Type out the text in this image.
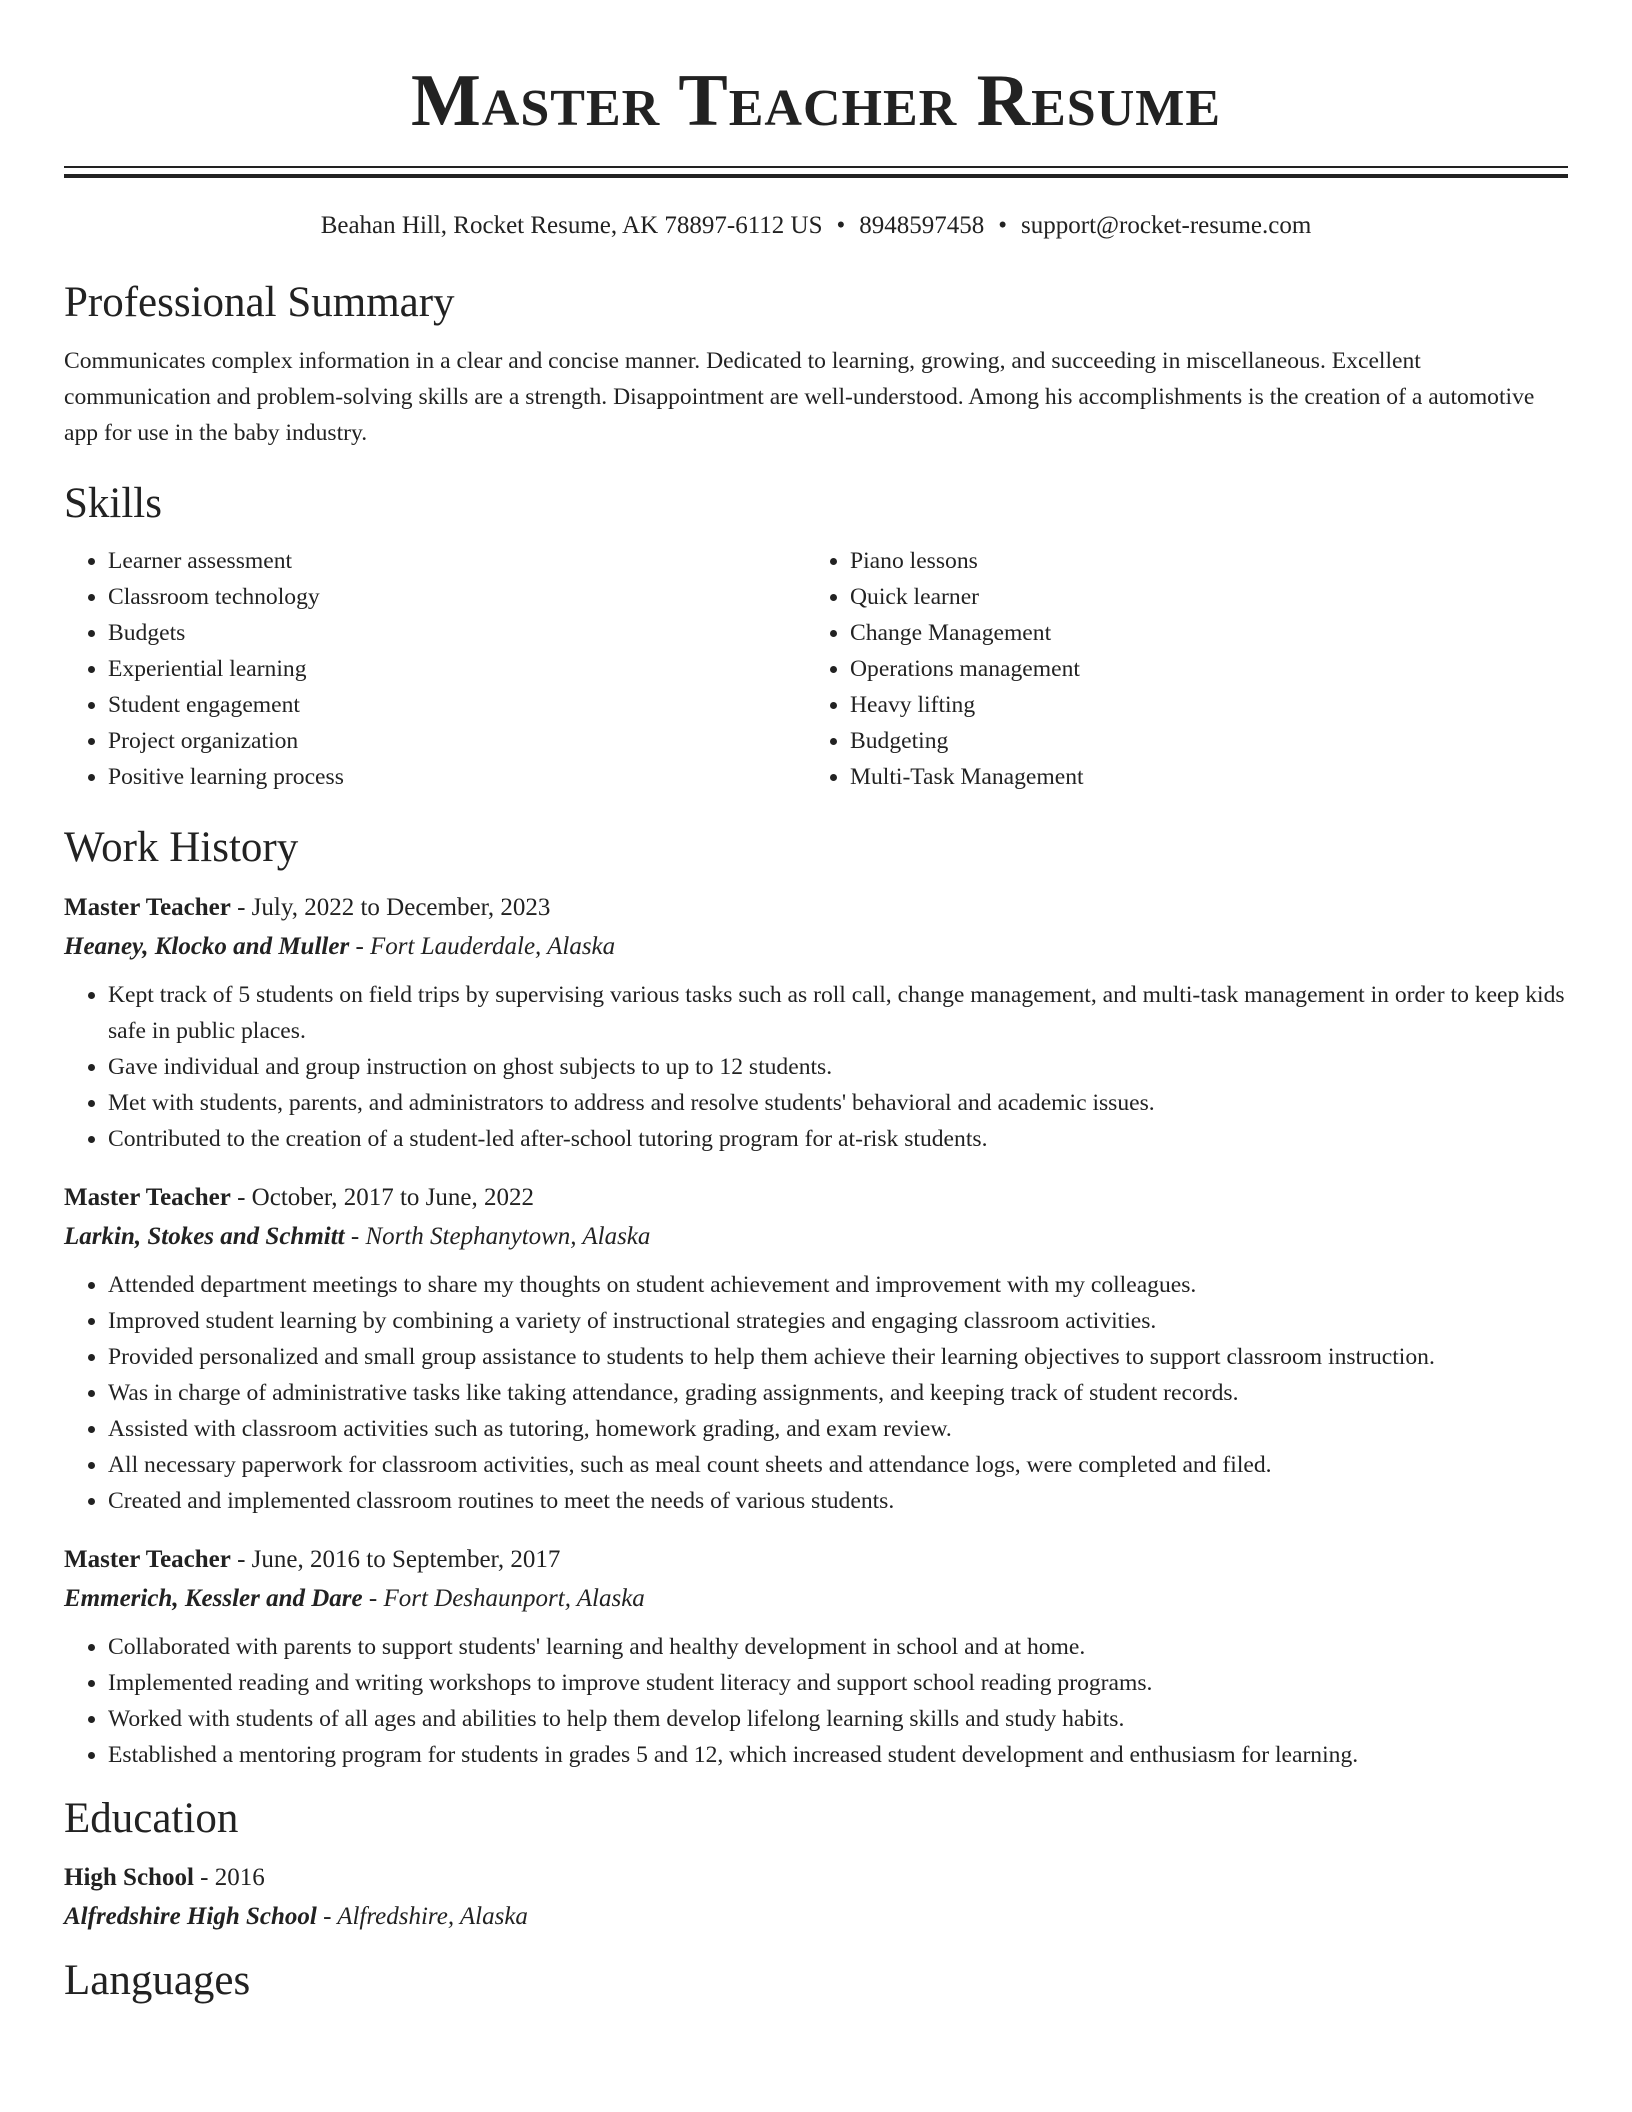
Master Teacher Resume
Beahan Hill, Rocket Resume, AK 78897-6112 US • 8948597458 • support@rocket-resume.com
Professional Summary
Communicates complex information in a clear and concise manner. Dedicated to learning, growing, and succeeding in miscellaneous. Excellent communication and problem-solving skills are a strength. Disappointment are well-understood. Among his accomplishments is the creation of a automotive app for use in the baby industry.
Skills
• Learner assessment
• Classroom technology
• Budgets
• Experiential learning
• Student engagement
• Project organization
• Positive learning process
• Piano lessons
• Quick learner
• Change Management
• Operations management
• Heavy lifting
• Budgeting
• Multi-Task Management
Work History
Master Teacher - July, 2022 to December, 2023
Heaney, Klocko and Muller - Fort Lauderdale, Alaska
• Kept track of 5 students on field trips by supervising various tasks such as roll call, change management, and multi-task management in order to keep kids safe in public places.
• Gave individual and group instruction on ghost subjects to up to 12 students.
• Met with students, parents, and administrators to address and resolve students' behavioral and academic issues.
• Contributed to the creation of a student-led after-school tutoring program for at-risk students.
Master Teacher - October, 2017 to June, 2022
Larkin, Stokes and Schmitt - North Stephanytown, Alaska
• Attended department meetings to share my thoughts on student achievement and improvement with my colleagues.
• Improved student learning by combining a variety of instructional strategies and engaging classroom activities.
• Provided personalized and small group assistance to students to help them achieve their learning objectives to support classroom instruction.
• Was in charge of administrative tasks like taking attendance, grading assignments, and keeping track of student records.
• Assisted with classroom activities such as tutoring, homework grading, and exam review.
• All necessary paperwork for classroom activities, such as meal count sheets and attendance logs, were completed and filed.
• Created and implemented classroom routines to meet the needs of various students.
Master Teacher - June, 2016 to September, 2017
Emmerich, Kessler and Dare - Fort Deshaunport, Alaska
• Collaborated with parents to support students' learning and healthy development in school and at home.
• Implemented reading and writing workshops to improve student literacy and support school reading programs.
• Worked with students of all ages and abilities to help them develop lifelong learning skills and study habits.
• Established a mentoring program for students in grades 5 and 12, which increased student development and enthusiasm for learning.
Education
High School - 2016
Alfredshire High School - Alfredshire, Alaska
Languages
